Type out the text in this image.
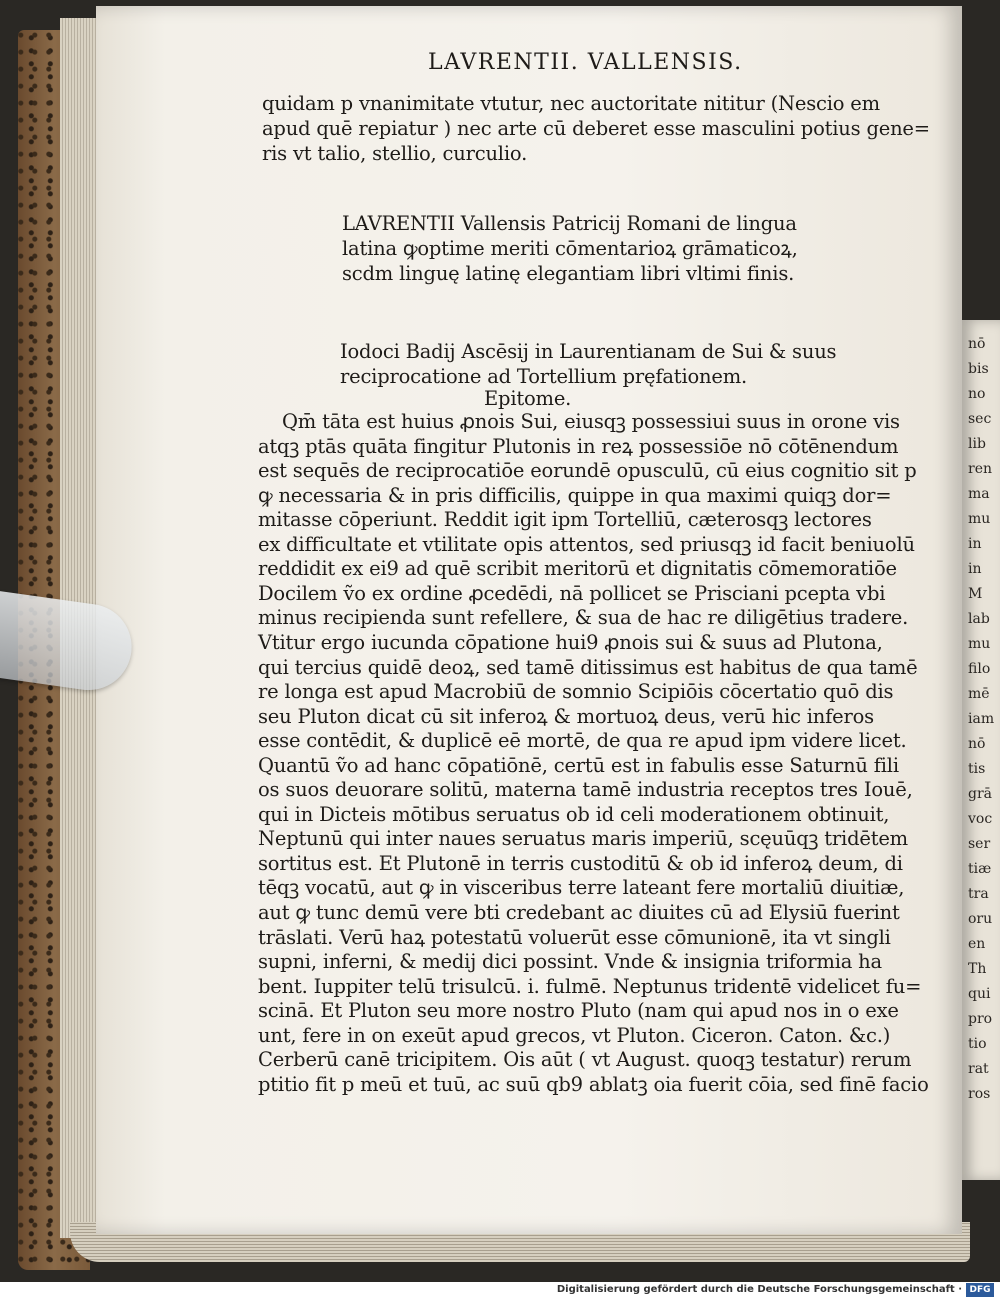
nō
bis
no
sec
lib
ren
ma
mu
in
in
M
lab
mu
filo
mē
iam
nō
tis
grā
voc
ser
tiæ
tra
oru
en
Th
qui
pro
tio
rat
ros
LAVRENTII. VALLENSIS.
quidam p vnanimitate vtutur, nec auctoritate nititur (Nescio em
apud quē repiatur ) nec arte cū deberet esse masculini potius gene=
ris vt talio, stellio, curculio.
LAVRENTII Vallensis Patricij Romani de lingua
latina ꝙoptime meriti cōmentarioꝝ grāmaticoꝝ,
scdm linguę latinę elegantiam libri vltimi finis.
Iodoci Badij Ascēsij in Laurentianam de Sui & suus
reciprocatione ad Tortellium pręfationem.
Epitome.
Qm̄ tāta est huius ꝓnois Sui, eiusqꝫ possessiui suus in orone vis
atqꝫ ptās quāta fingitur Plutonis in reꝝ possessiōe nō cōtēnendum
est sequēs de reciprocatiōe eorundē opusculū, cū eius cognitio sit p
ꝙ necessaria & in pris difficilis, quippe in qua maximi quiqꝫ dor=
mitasse cōperiunt. Reddit igit ipm Tortelliū, cæterosqꝫ lectores
ex difficultate et vtilitate opis attentos, sed priusqꝫ id facit beniuolū
reddidit ex ei9 ad quē scribit meritorū et dignitatis cōmemoratiōe
Docilem ṽo ex ordine ꝓcedēdi, nā pollicet se Prisciani pcepta vbi
minus recipienda sunt refellere, & sua de hac re diligētius tradere.
Vtitur ergo iucunda cōpatione hui9 ꝓnois sui & suus ad Plutona,
qui tercius quidē deoꝝ, sed tamē ditissimus est habitus de qua tamē
re longa est apud Macrobiū de somnio Scipiōis cōcertatio quō dis
seu Pluton dicat cū sit inferoꝝ & mortuoꝝ deus, verū hic inferos
esse contēdit, & duplicē eē mortē, de qua re apud ipm videre licet.
Quantū ṽo ad hanc cōpatiōnē, certū est in fabulis esse Saturnū fili
os suos deuorare solitū, materna tamē industria receptos tres Iouē,
qui in Dicteis mōtibus seruatus ob id celi moderationem obtinuit,
Neptunū qui inter naues seruatus maris imperiū, scęuūqꝫ tridētem
sortitus est. Et Plutonē in terris custoditū & ob id inferoꝝ deum, di
tēqꝫ vocatū, aut ꝙ in visceribus terre lateant fere mortaliū diuitiæ,
aut ꝙ tunc demū vere bti credebant ac diuites cū ad Elysiū fuerint
trāslati. Verū haꝝ potestatū voluerūt esse cōmunionē, ita vt singli
supni, inferni, & medij dici possint. Vnde & insignia triformia ha
bent. Iuppiter telū trisulcū. i. fulmē. Neptunus tridentē videlicet fu=
scinā. Et Pluton seu more nostro Pluto (nam qui apud nos in o exe
unt, fere in on exeūt apud grecos, vt Pluton. Ciceron. Caton. &c.)
Cerberū canē tricipitem. Ois aūt ( vt August. quoqꝫ testatur) rerum
ptitio fit p meū et tuū, ac suū qb9 ablatꝫ oia fuerit cōia, sed finē facio
Digitalisierung gefördert durch die Deutsche Forschungsgemeinschaft · DFG
